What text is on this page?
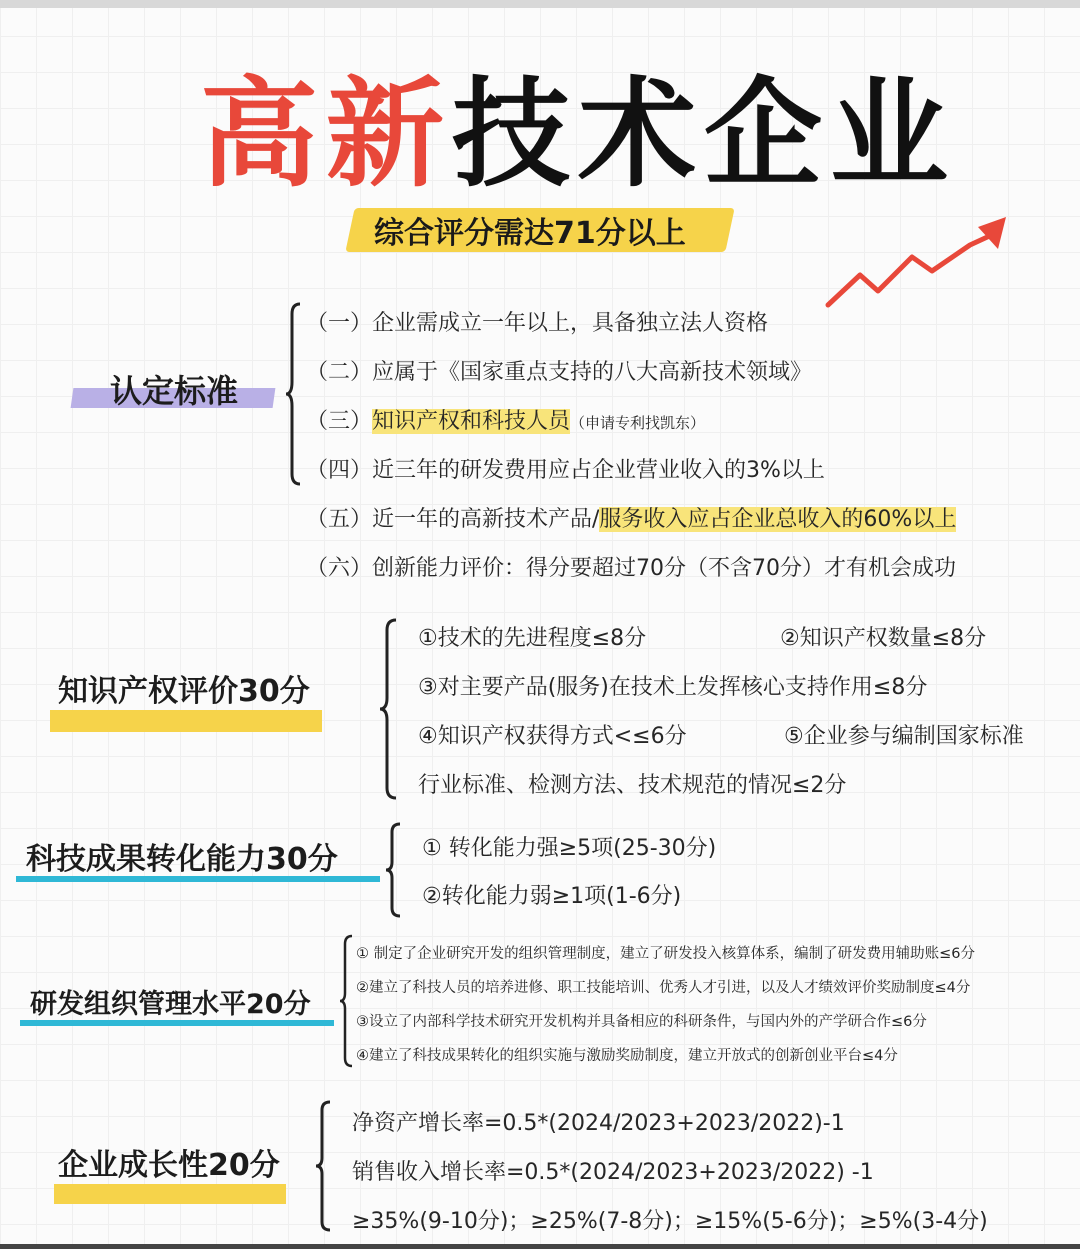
高新技术企业
综合评分需达71分以上
认定标准
（一）企业需成立一年以上，具备独立法人资格
（二）应属于《国家重点支持的八大高新技术领域》
（三）知识产权和科技人员（申请专利找凯东）
（四）近三年的研发费用应占企业营业收入的3%以上
（五）近一年的高新技术产品/服务收入应占企业总收入的60%以上
（六）创新能力评价：得分要超过70分（不含70分）才有机会成功
知识产权评价30分
①技术的先进程度≤8分	②知识产权数量≤8分
③对主要产品(服务)在技术上发挥核心支持作用≤8分
④知识产权获得方式<≤6分	⑤企业参与编制国家标准
行业标准、检测方法、技术规范的情况≤2分
科技成果转化能力30分	① 转化能力强≥5项(25-30分)
②转化能力弱≥1项(1-6分)
研发组织管理水平20分
① 制定了企业研究开发的组织管理制度，建立了研发投入核算体系，编制了研发费用辅助账≤6分
②建立了科技人员的培养进修、职工技能培训、优秀人才引进，以及人才绩效评价奖励制度≤4分
③设立了内部科学技术研究开发机构并具备相应的科研条件，与国内外的产学研合作≤6分
④建立了科技成果转化的组织实施与激励奖励制度，建立开放式的创新创业平台≤4分
企业成长性20分
净资产增长率=0.5*(2024/2023+2023/2022)-1
销售收入增长率=0.5*(2024/2023+2023/2022) -1
≥35%(9-10分)；≥25%(7-8分)；≥15%(5-6分)；≥5%(3-4分)
